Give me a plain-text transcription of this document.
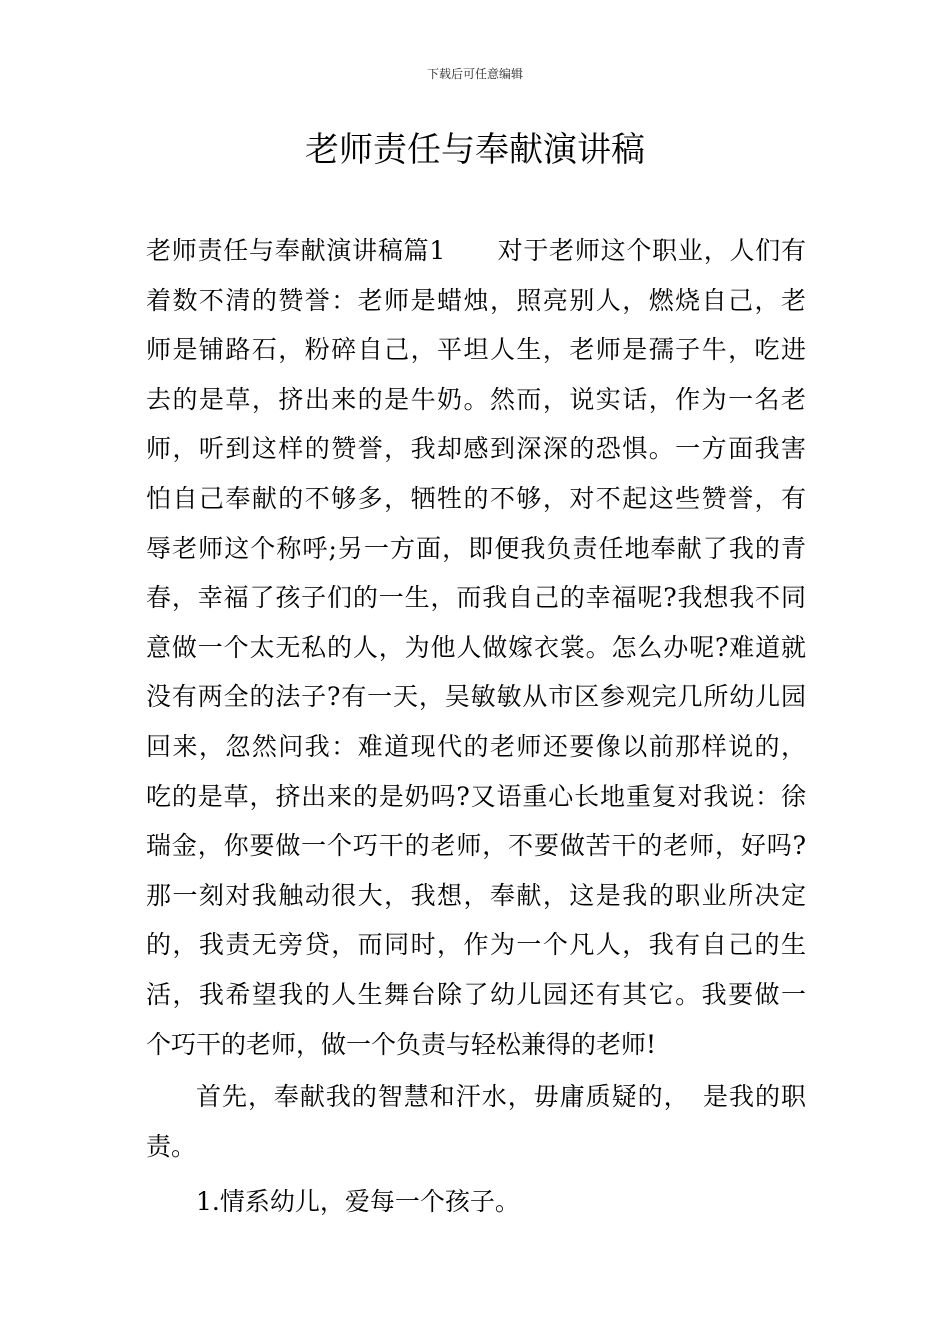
下载后可任意编辑
老师责任与奉献演讲稿

老师责任与奉献演讲稿篇1　　对于老师这个职业，人们有
着数不清的赞誉：老师是蜡烛，照亮别人，燃烧自己，老
师是铺路石，粉碎自己，平坦人生，老师是孺子牛，吃进
去的是草，挤出来的是牛奶。然而，说实话，作为一名老
师，听到这样的赞誉，我却感到深深的恐惧。一方面我害
怕自己奉献的不够多，牺牲的不够，对不起这些赞誉，有
辱老师这个称呼;另一方面，即便我负责任地奉献了我的青
春，幸福了孩子们的一生，而我自己的幸福呢?我想我不同
意做一个太无私的人，为他人做嫁衣裳。怎么办呢?难道就
没有两全的法子?有一天，吴敏敏从市区参观完几所幼儿园
回来，忽然问我：难道现代的老师还要像以前那样说的，
吃的是草，挤出来的是奶吗?又语重心长地重复对我说：徐
瑞金，你要做一个巧干的老师，不要做苦干的老师，好吗?
那一刻对我触动很大，我想，奉献，这是我的职业所决定
的，我责无旁贷，而同时，作为一个凡人，我有自己的生
活，我希望我的人生舞台除了幼儿园还有其它。我要做一
个巧干的老师，做一个负责与轻松兼得的老师!

首先，奉献我的智慧和汗水，毋庸质疑的，　是我的职
责。

1.情系幼儿，爱每一个孩子。
